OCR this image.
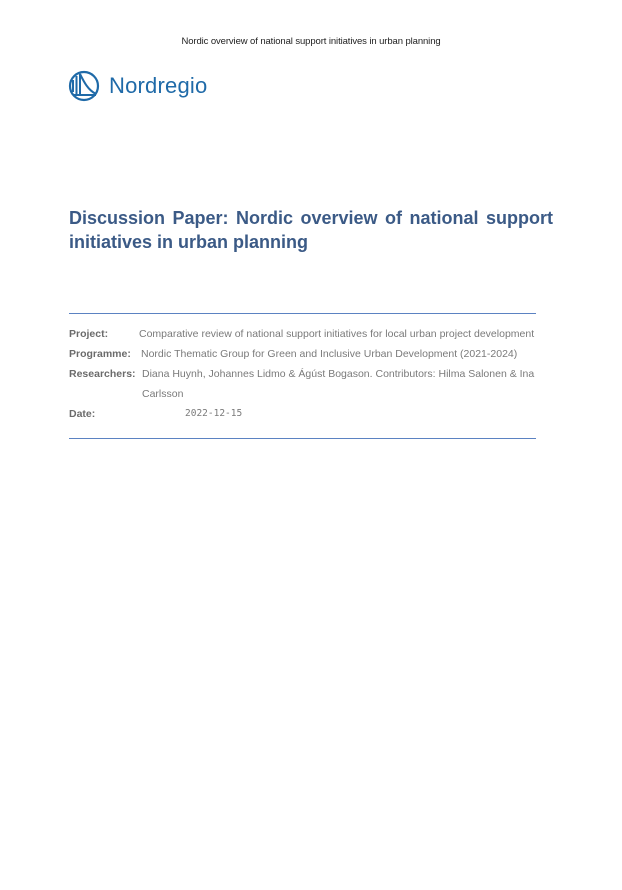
Nordic overview of national support initiatives in urban planning
Nordregio
Discussion Paper: Nordic overview of national support initiatives in urban planning
Project:	Comparative review of national support initiatives for local urban project development
Programme: Nordic Thematic Group for Green and Inclusive Urban Development (2021-2024)
Researchers: Diana Huynh, Johannes Lidmo & Ágúst Bogason. Contributors: Hilma Salonen & Ina Carlsson
Date:	2022-12-15
